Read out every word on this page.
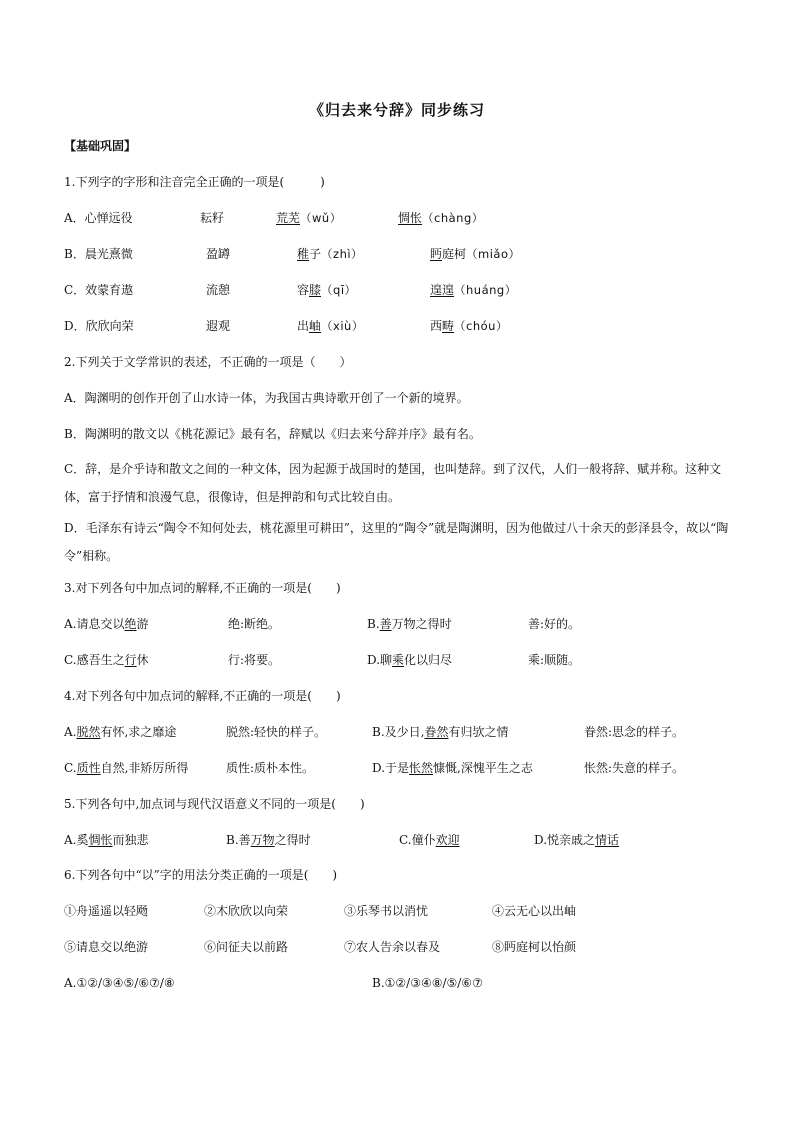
《归去来兮辞》同步练习
【基础巩固】
1.下列字的字形和注音完全正确的一项是(　　　)
A．心惮远役	耘籽	荒芜（wǔ）	惆怅（chàng）
B．晨光熹微	盈罇	稚子（zhì）	眄庭柯（miǎo）
C．效蒙育遨	流憩	容膝（qī）	遑遑（huáng）
D．欣欣向荣	遐观	出岫（xiù）	西畴（chóu）
2.下列关于文学常识的表述，不正确的一项是（　　）
A．陶渊明的创作开创了山水诗一体，为我国古典诗歌开创了一个新的境界。
B．陶渊明的散文以《桃花源记》最有名，辞赋以《归去来兮辞并序》最有名。
C．辞，是介乎诗和散文之间的一种文体，因为起源于战国时的楚国，也叫楚辞。到了汉代，人们一般将辞、赋并称。这种文体，富于抒情和浪漫气息，很像诗，但是押韵和句式比较自由。
D．毛泽东有诗云“陶令不知何处去，桃花源里可耕田”，这里的“陶令”就是陶渊明，因为他做过八十余天的彭泽县令，故以“陶令”相称。
3.对下列各句中加点词的解释,不正确的一项是(　　)
A.请息交以绝游	绝:断绝。	B.善万物之得时	善:好的。
C.感吾生之行休	行:将要。	D.聊乘化以归尽	乘:顺随。
4.对下列各句中加点词的解释,不正确的一项是(　　)
A.脱然有怀,求之靡途	脱然:轻快的样子。	B.及少日,眷然有归欤之情	眷然:思念的样子。
C.质性自然,非矫厉所得	质性:质朴本性。	D.于是怅然慷慨,深愧平生之志	怅然:失意的样子。
5.下列各句中,加点词与现代汉语意义不同的一项是(　　)
A.奚惆怅而独悲	B.善万物之得时	C.僮仆欢迎	D.悦亲戚之情话
6.下列各句中“以”字的用法分类正确的一项是(　　)
①舟遥遥以轻飏	②木欣欣以向荣	③乐琴书以消忧	④云无心以出岫
⑤请息交以绝游	⑥问征夫以前路	⑦农人告余以春及	⑧眄庭柯以怡颜
A.①②/③④⑤/⑥⑦/⑧	B.①②/③④⑧/⑤/⑥⑦
